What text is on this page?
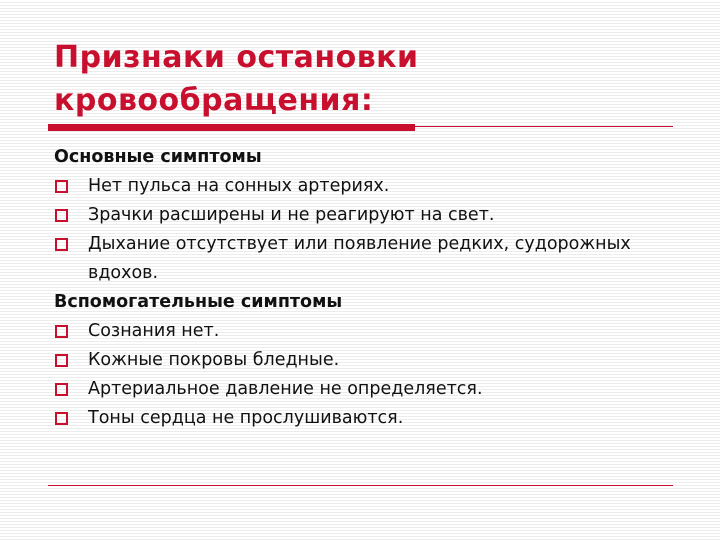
Признаки остановки
кровообращения:

Основные симптомы

Нет пульса на сонных артериях.
Зрачки расширены и не реагируют на свет.
Дыхание отсутствует или появление редких, судорожных вдохов.

Вспомогательные симптомы

Сознания нет.
Кожные покровы бледные.
Артериальное давление не определяется.
Тоны сердца не прослушиваются.
